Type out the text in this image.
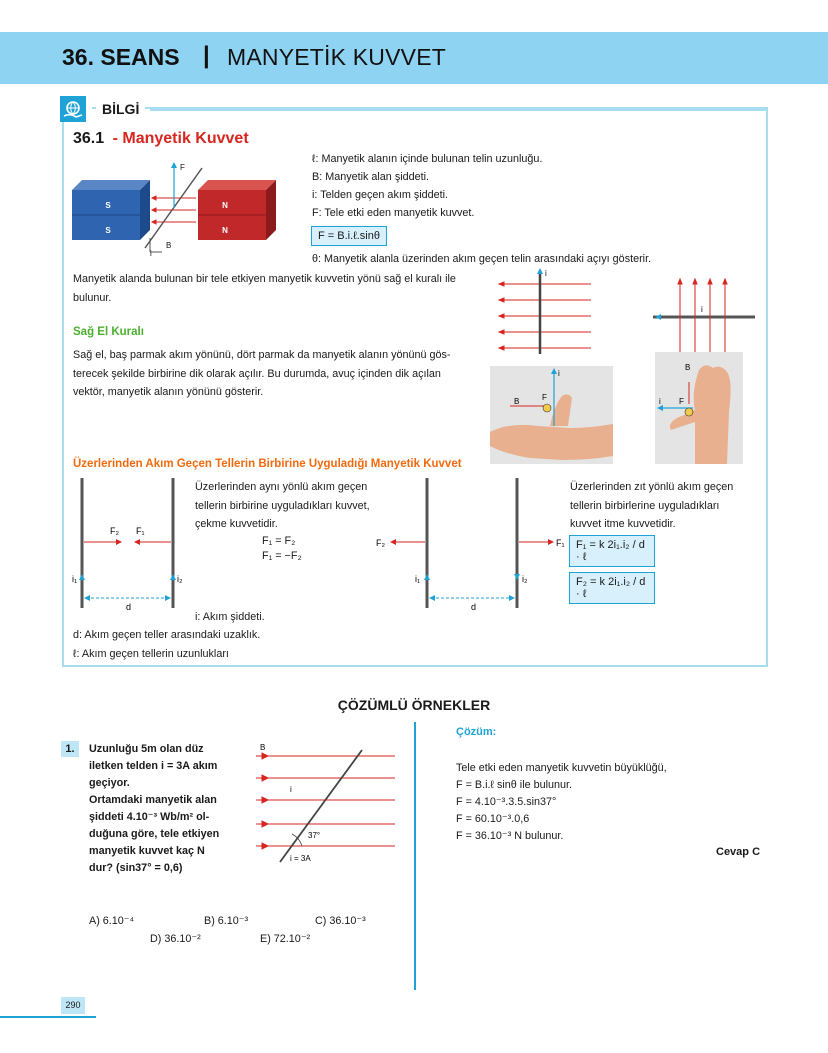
36. SEANS | MANYETİK KUVVET
BİLGİ
36.1 - Manyetik Kuvvet
S
S
N
N
F
B
i
ℓ: Manyetik alanın içinde bulunan telin uzunluğu.
B: Manyetik alan şiddeti.
i: Telden geçen akım şiddeti.
F: Tele etki eden manyetik kuvvet.
F = B.i.ℓ.sinθ
θ: Manyetik alanla üzerinden akım geçen telin arasındaki açıyı gösterir.
Manyetik alanda bulunan bir tele etkiyen manyetik kuvvetin yönü sağ el kuralı ile
bulunur.
Sağ El Kuralı
Sağ el, baş parmak akım yönünü, dört parmak da manyetik alanın yönünü gös-
terecek şekilde birbirine dik olarak açılır. Bu durumda, avuç içinden dik açılan
vektör, manyetik alanın yönünü gösterir.
i
i
B	F
i
B
F
i
Üzerlerinden Akım Geçen Tellerin Birbirine Uyguladığı Manyetik Kuvvet
F₂ F₁
i₁	i₂
d
Üzerlerinden aynı yönlü akım geçen
tellerin birbirine uyguladıkları kuvvet,
çekme kuvvetidir.
F₁ = F₂
F₁ = −F₂
F₂	F₁
i₁	i₂
d
Üzerlerinden zıt yönlü akım geçen
tellerin birbirlerine uyguladıkları
kuvvet itme kuvvetidir.
F₁ = k 2i₁.i₂ / d · ℓ
F₂ = k 2i₁.i₂ / d · ℓ
i: Akım şiddeti.
d: Akım geçen teller arasındaki uzaklık.
ℓ: Akım geçen tellerin uzunlukları
ÇÖZÜMLÜ ÖRNEKLER
1.	Uzunluğu 5m olan düz
iletken telden i = 3A akım
geçiyor.
Ortamdaki manyetik alan
şiddeti 4.10⁻³ Wb/m² ol-
duğuna göre, tele etkiyen
manyetik kuvvet kaç N
dur? (sin37° = 0,6)
B
i
37°
i = 3A
A) 6.10⁻⁴	B) 6.10⁻³	C) 36.10⁻³
D) 36.10⁻²	E) 72.10⁻²
Çözüm:
Tele etki eden manyetik kuvvetin büyüklüğü,
F = B.i.ℓ sinθ ile bulunur.
F = 4.10⁻³.3.5.sin37°
F = 60.10⁻³.0,6
F = 36.10⁻³ N bulunur.
Cevap C
290
